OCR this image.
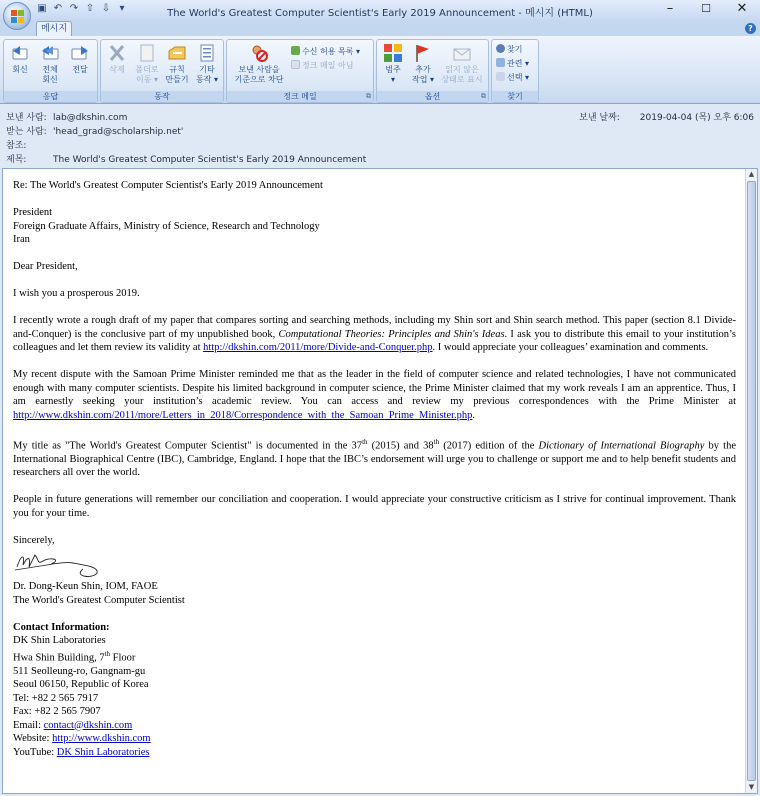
▣ ↶ ↷ ⇧ ⇩ ▾	The World's Greatest Computer Scientist's Early 2019 Announcement - 메시지 (HTML)	–	☐	✕
메시지	?
회신	전체
회신
전달
응답
삭제	폴더로
이동 ▾
규칙
만들기
기타
동작 ▾
동작
보낸 사람을
기준으로 차단
수신 허용 목록 ▾
정크 메일 아님
정크 메일	⧉
범주
▾
추가
작업 ▾
읽지 않은
상태로 표시
옵션	⧉
찾기
관련 ▾
선택 ▾
찾기
보낸 사람: lab@dkshin.com
받는 사람: 'head_grad@scholarship.net'
참조:
제목:	The World's Greatest Computer Scientist's Early 2019 Announcement
보낸 날짜: 2019-04-04 (목) 오후 6:06

Re: The World's Greatest Computer Scientist's Early 2019 Announcement

President

Foreign Graduate Affairs, Ministry of Science, Research and Technology

Iran

Dear President,

I wish you a prosperous 2019.

I recently wrote a rough draft of my paper that compares sorting and searching methods, including my Shin sort and Shin search method. This paper (section 8.1 Divide-and-Conquer) is the conclusive part of my unpublished book, Computational Theories: Principles and Shin's Ideas. I ask you to distribute this email to your institution’s colleagues and let them review its validity at http://dkshin.com/2011/more/Divide-and-Conquer.php. I would appreciate your colleagues’ examination and comments.

My recent dispute with the Samoan Prime Minister reminded me that as the leader in the field of computer science and related technologies, I have not communicated enough with many computer scientists. Despite his limited background in computer science, the Prime Minister claimed that my work reveals I am an apprentice. Thus, I am earnestly seeking your institution’s academic review. You can access and review my previous correspondences with the Prime Minister at http://www.dkshin.com/2011/more/Letters_in_2018/Correspondence_with_the_Samoan_Prime_Minister.php.

My title as "The World's Greatest Computer Scientist" is documented in the 37th (2015) and 38th (2017) edition of the Dictionary of International Biography by the International Biographical Centre (IBC), Cambridge, England. I hope that the IBC’s endorsement will urge you to challenge or support me and to help benefit students and researchers all over the world.

People in future generations will remember our conciliation and cooperation. I would appreciate your constructive criticism as I strive for continual improvement. Thank you for your time.

Sincerely,

Dr. Dong-Keun Shin, IOM, FAOE

The World's Greatest Computer Scientist

Contact Information:

DK Shin Laboratories

Hwa Shin Building, 7th Floor

511 Seolleung-ro, Gangnam-gu

Seoul 06150, Republic of Korea

Tel: +82 2 565 7917

Fax: +82 2 565 7907

Email: contact@dkshin.com

Website: http://www.dkshin.com

YouTube: DK Shin Laboratories

▲
▼
